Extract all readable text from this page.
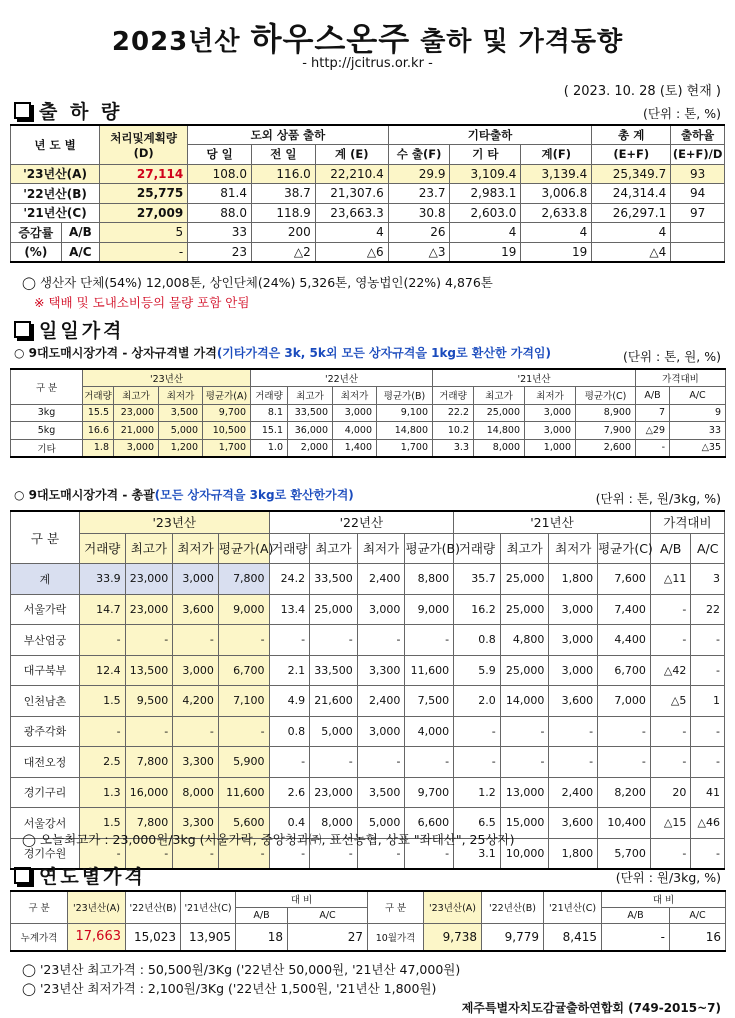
2023년산 하우스온주 출하 및 가격동향
- http://jcitrus.or.kr -
( 2023. 10. 28 (토) 현재 )
출 하 량	(단위 : 톤, %)
년 도 별		처리및계획량
(D)	도외 상품 출하			기타출하			총 계	출하율
			당 일	전 일	계 (E)	수 출(F)	기 타	계(F)	(E+F)	(E+F)/D
'23년산(A)		27,114	108.0	116.0	22,210.4	29.9	3,109.4	3,139.4	25,349.7	93
'22년산(B)		25,775	81.4	38.7	21,307.6	23.7	2,983.1	3,006.8	24,314.4	94
'21년산(C)		27,009	88.0	118.9	23,663.3	30.8	2,603.0	2,633.8	26,297.1	97
증감률	A/B	5	33	200	4	26	4	4	4	
(%)	A/C	-	23	△2	△6	△3	19	19	△4	
◯ 생산자 단체(54%) 12,008톤, 상인단체(24%) 5,326톤, 영농법인(22%) 4,876톤
※ 택배 및 도내소비등의 물량 포함 안됨
일일가격
○ 9대도매시장가격 - 상자규격별 가격(기타가격은 3k, 5k외 모든 상자규격을 1kg로 환산한 가격임)	(단위 : 톤, 원, %)
구 분	'23년산				'22년산				'21년산				가격대비	
	거래량	최고가	최저가	평균가(A)	거래량	최고가	최저가	평균가(B)	거래량	최고가	최저가	평균가(C)	A/B	A/C
3kg	15.5	23,000	3,500	9,700	8.1	33,500	3,000	9,100	22.2	25,000	3,000	8,900	7	9
5kg	16.6	21,000	5,000	10,500	15.1	36,000	4,000	14,800	10.2	14,800	3,000	7,900	△29	33
기타	1.8	3,000	1,200	1,700	1.0	2,000	1,400	1,700	3.3	8,000	1,000	2,600	-	△35
○ 9대도매시장가격 - 총괄(모든 상자규격을 3kg로 환산한가격)	(단위 : 톤, 원/3kg, %)
구 분	'23년산				'22년산				'21년산				가격대비	
	거래량	최고가	최저가	평균가(A)	거래량	최고가	최저가	평균가(B)	거래량	최고가	최저가	평균가(C)	A/B	A/C
계	33.9	23,000	3,000	7,800	24.2	33,500	2,400	8,800	35.7	25,000	1,800	7,600	△11	3
서울가락	14.7	23,000	3,600	9,000	13.4	25,000	3,000	9,000	16.2	25,000	3,000	7,400	-	22
부산엄궁	-	-	-	-	-	-	-	-	0.8	4,800	3,000	4,400	-	-
대구북부	12.4	13,500	3,000	6,700	2.1	33,500	3,300	11,600	5.9	25,000	3,000	6,700	△42	-
인천남촌	1.5	9,500	4,200	7,100	4.9	21,600	2,400	7,500	2.0	14,000	3,600	7,000	△5	1
광주각화	-	-	-	-	0.8	5,000	3,000	4,000	-	-	-	-	-	-
대전오정	2.5	7,800	3,300	5,900	-	-	-	-	-	-	-	-	-	-
경기구리	1.3	16,000	8,000	11,600	2.6	23,000	3,500	9,700	1.2	13,000	2,400	8,200	20	41
서울강서	1.5	7,800	3,300	5,600	0.4	8,000	5,000	6,600	6.5	15,000	3,600	10,400	△15	△46
경기수원	-	-	-	-	-	-	-	-	3.1	10,000	1,800	5,700	-	-
◯ 오늘최고가 : 23,000원/3kg (서울가락, 중앙청과㈜, 표선농협, 상표 "좌태산", 25상자)
연도별가격	(단위 : 원/3kg, %)
구 분	'23년산(A)	'22년산(B)	'21년산(C)	대 비		구 분	'23년산(A)	'22년산(B)	'21년산(C)	대 비	
				A/B	A/C					A/B	A/C
누계가격	17,663	15,023	13,905	18	27	10월가격	9,738	9,779	8,415	-	16
◯ '23년산 최고가격 : 50,500원/3Kg ('22년산 50,000원, '21년산 47,000원)
◯ '23년산 최저가격 : 2,100원/3Kg ('22년산 1,500원, '21년산 1,800원)
제주특별자치도감귤출하연합회 (749-2015~7)
